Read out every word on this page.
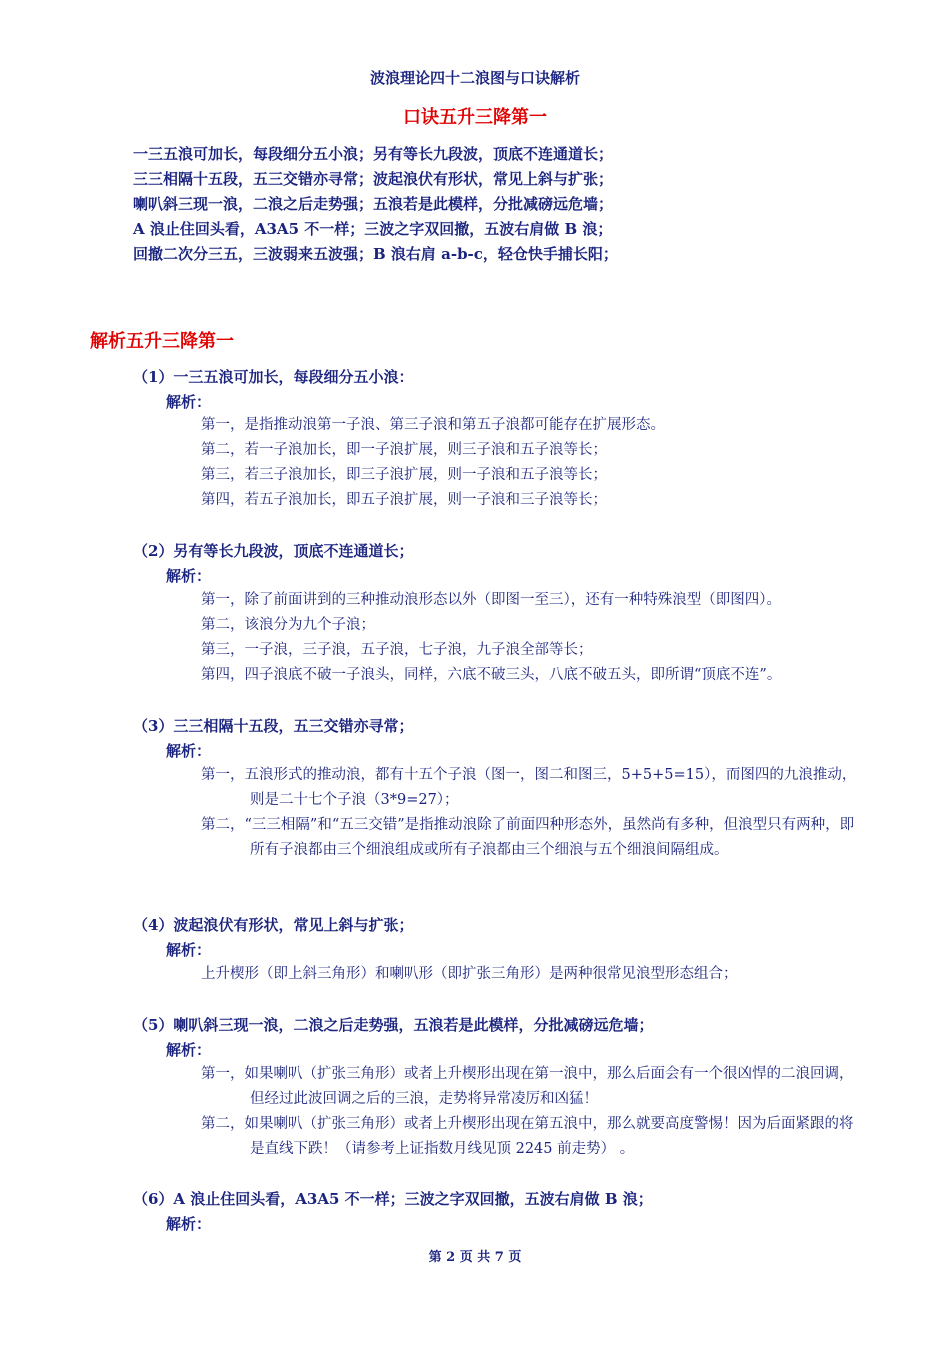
波浪理论四十二浪图与口诀解析
口诀五升三降第一
一三五浪可加长，每段细分五小浪；另有等长九段波，顶底不连通道长；
三三相隔十五段，五三交错亦寻常；波起浪伏有形状，常见上斜与扩张；
喇叭斜三现一浪，二浪之后走势强；五浪若是此模样，分批减磅远危墙；
A 浪止住回头看，A3A5 不一样；三波之字双回撤，五波右肩做 B 浪；
回撤二次分三五，三波弱来五波强；B 浪右肩 a-b-c，轻仓快手捕长阳；
解析五升三降第一
（1）一三五浪可加长，每段细分五小浪：
解析：
第一，是指推动浪第一子浪、第三子浪和第五子浪都可能存在扩展形态。
第二，若一子浪加长，即一子浪扩展，则三子浪和五子浪等长；
第三，若三子浪加长，即三子浪扩展，则一子浪和五子浪等长；
第四，若五子浪加长，即五子浪扩展，则一子浪和三子浪等长；
（2）另有等长九段波，顶底不连通道长；
解析：
第一，除了前面讲到的三种推动浪形态以外（即图一至三），还有一种特殊浪型（即图四）。
第二，该浪分为九个子浪；
第三，一子浪，三子浪，五子浪，七子浪，九子浪全部等长；
第四，四子浪底不破一子浪头，同样，六底不破三头，八底不破五头，即所谓“顶底不连”。
（3）三三相隔十五段，五三交错亦寻常；
解析：
第一，五浪形式的推动浪，都有十五个子浪（图一，图二和图三，5+5+5=15），而图四的九浪推动，则是二十七个子浪（3*9=27）；
第二，“三三相隔”和“五三交错”是指推动浪除了前面四种形态外，虽然尚有多种，但浪型只有两种，即所有子浪都由三个细浪组成或所有子浪都由三个细浪与五个细浪间隔组成。
（4）波起浪伏有形状，常见上斜与扩张；
解析：
上升楔形（即上斜三角形）和喇叭形（即扩张三角形）是两种很常见浪型形态组合；
（5）喇叭斜三现一浪，二浪之后走势强，五浪若是此模样，分批减磅远危墙；
解析：
第一，如果喇叭（扩张三角形）或者上升楔形出现在第一浪中，那么后面会有一个很凶悍的二浪回调，但经过此波回调之后的三浪，走势将异常凌厉和凶猛！
第二，如果喇叭（扩张三角形）或者上升楔形出现在第五浪中，那么就要高度警惕！因为后面紧跟的将是直线下跌！（请参考上证指数月线见顶 2245 前走势） 。
（6）A 浪止住回头看，A3A5 不一样；三波之字双回撤，五波右肩做 B 浪；
解析：
第 2 页 共 7 页
